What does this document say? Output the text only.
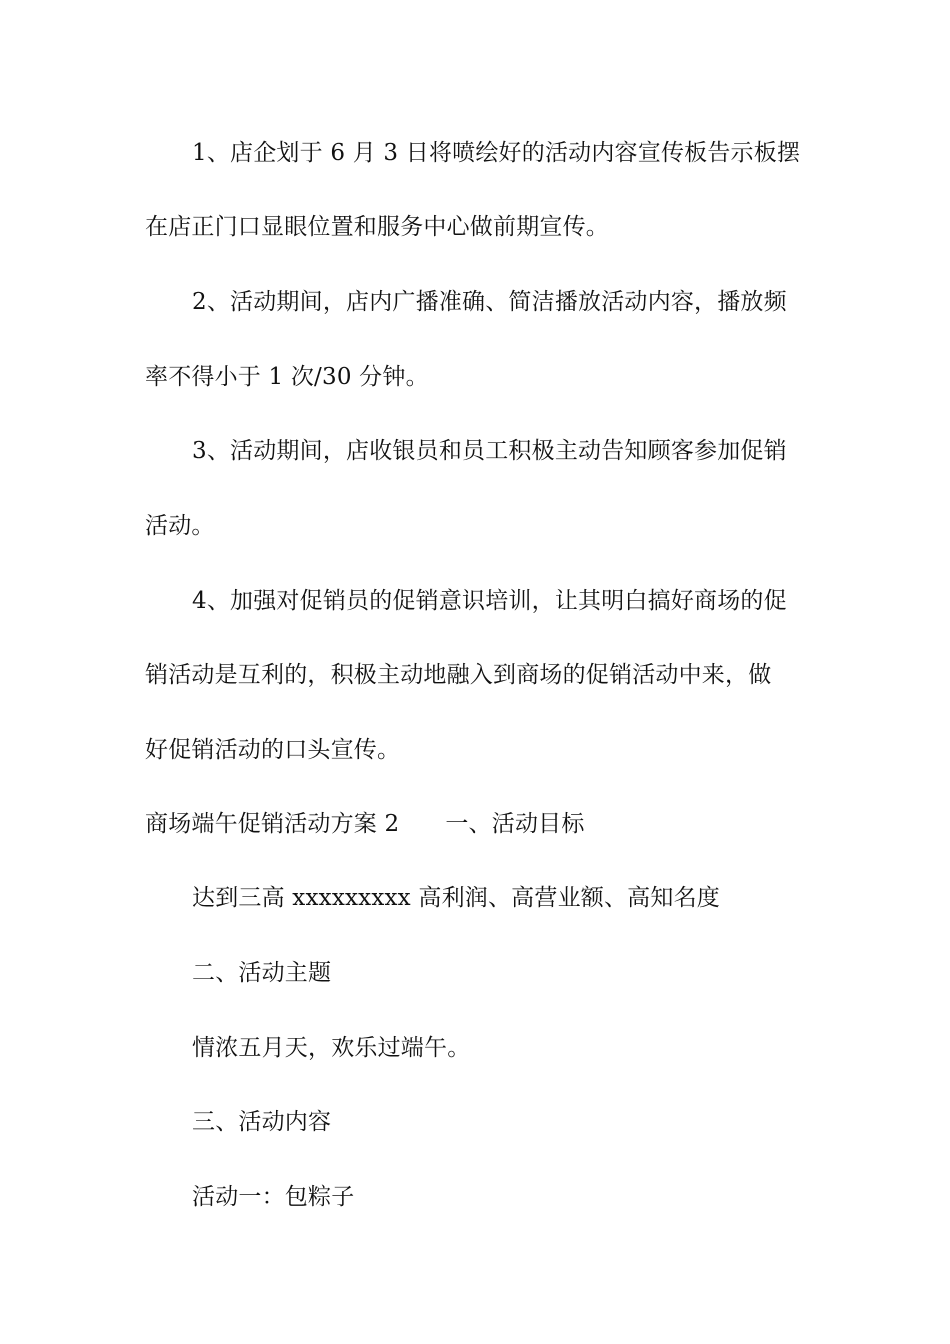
1、店企划于 6 月 3 日将喷绘好的活动内容宣传板告示板摆
在店正门口显眼位置和服务中心做前期宣传。
2、活动期间，店内广播准确、简洁播放活动内容，播放频
率不得小于 1 次/30 分钟。
3、活动期间，店收银员和员工积极主动告知顾客参加促销
活动。
4、加强对促销员的促销意识培训，让其明白搞好商场的促
销活动是互利的，积极主动地融入到商场的促销活动中来，做
好促销活动的口头宣传。
商场端午促销活动方案 2 一、活动目标
达到三高 xxxxxxxxx 高利润、高营业额、高知名度
二、活动主题
情浓五月天，欢乐过端午。
三、活动内容
活动一：包粽子
